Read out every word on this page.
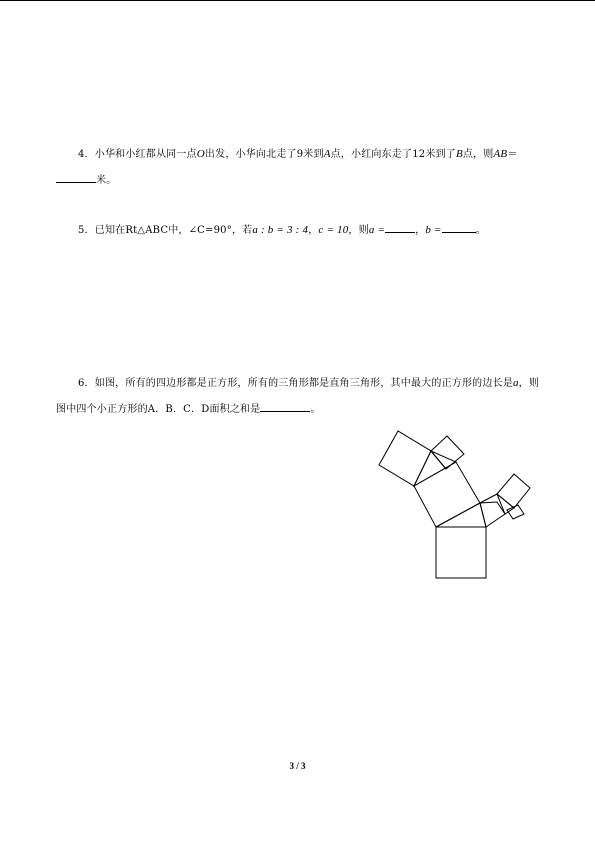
4．小华和小红都从同一点O出发，小华向北走了9米到A点，小红向东走了12米到了B点，则AB＝米。
5．已知在Rt△ABC中，∠C=90°，若a : b = 3 : 4，c = 10，则a =	，b =	。
6．如图，所有的四边形都是正方形，所有的三角形都是直角三角形，其中最大的正方形的边长是a，则图中四个小正方形的A．B．C．D面积之和是	。
3 / 3
